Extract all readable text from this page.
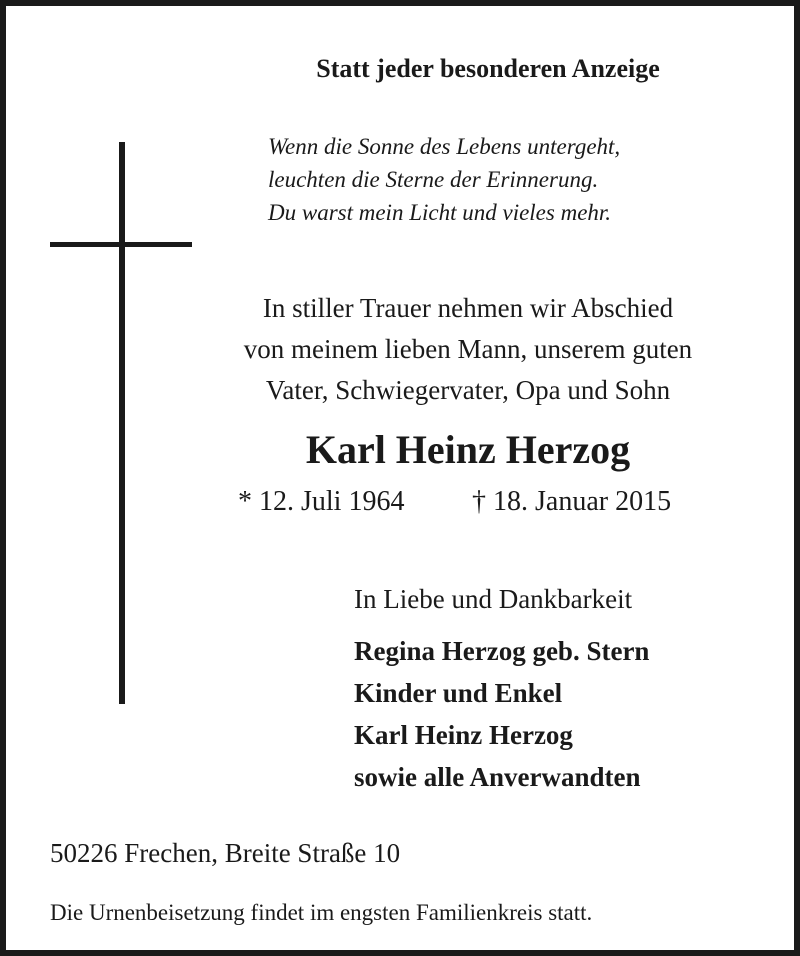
Statt jeder besonderen Anzeige

Wenn die Sonne des Lebens untergeht,
leuchten die Sterne der Erinnerung.
Du warst mein Licht und vieles mehr.
In stiller Trauer nehmen wir Abschied
von meinem lieben Mann, unserem guten
Vater, Schwiegervater, Opa und Sohn

Karl Heinz Herzog

* 12. Juli 1964 † 18. Januar 2015

In Liebe und Dankbarkeit

Regina Herzog geb. Stern
Kinder und Enkel
Karl Heinz Herzog
sowie alle Anverwandten

50226 Frechen, Breite Straße 10

Die Urnenbeisetzung findet im engsten Familienkreis statt.
